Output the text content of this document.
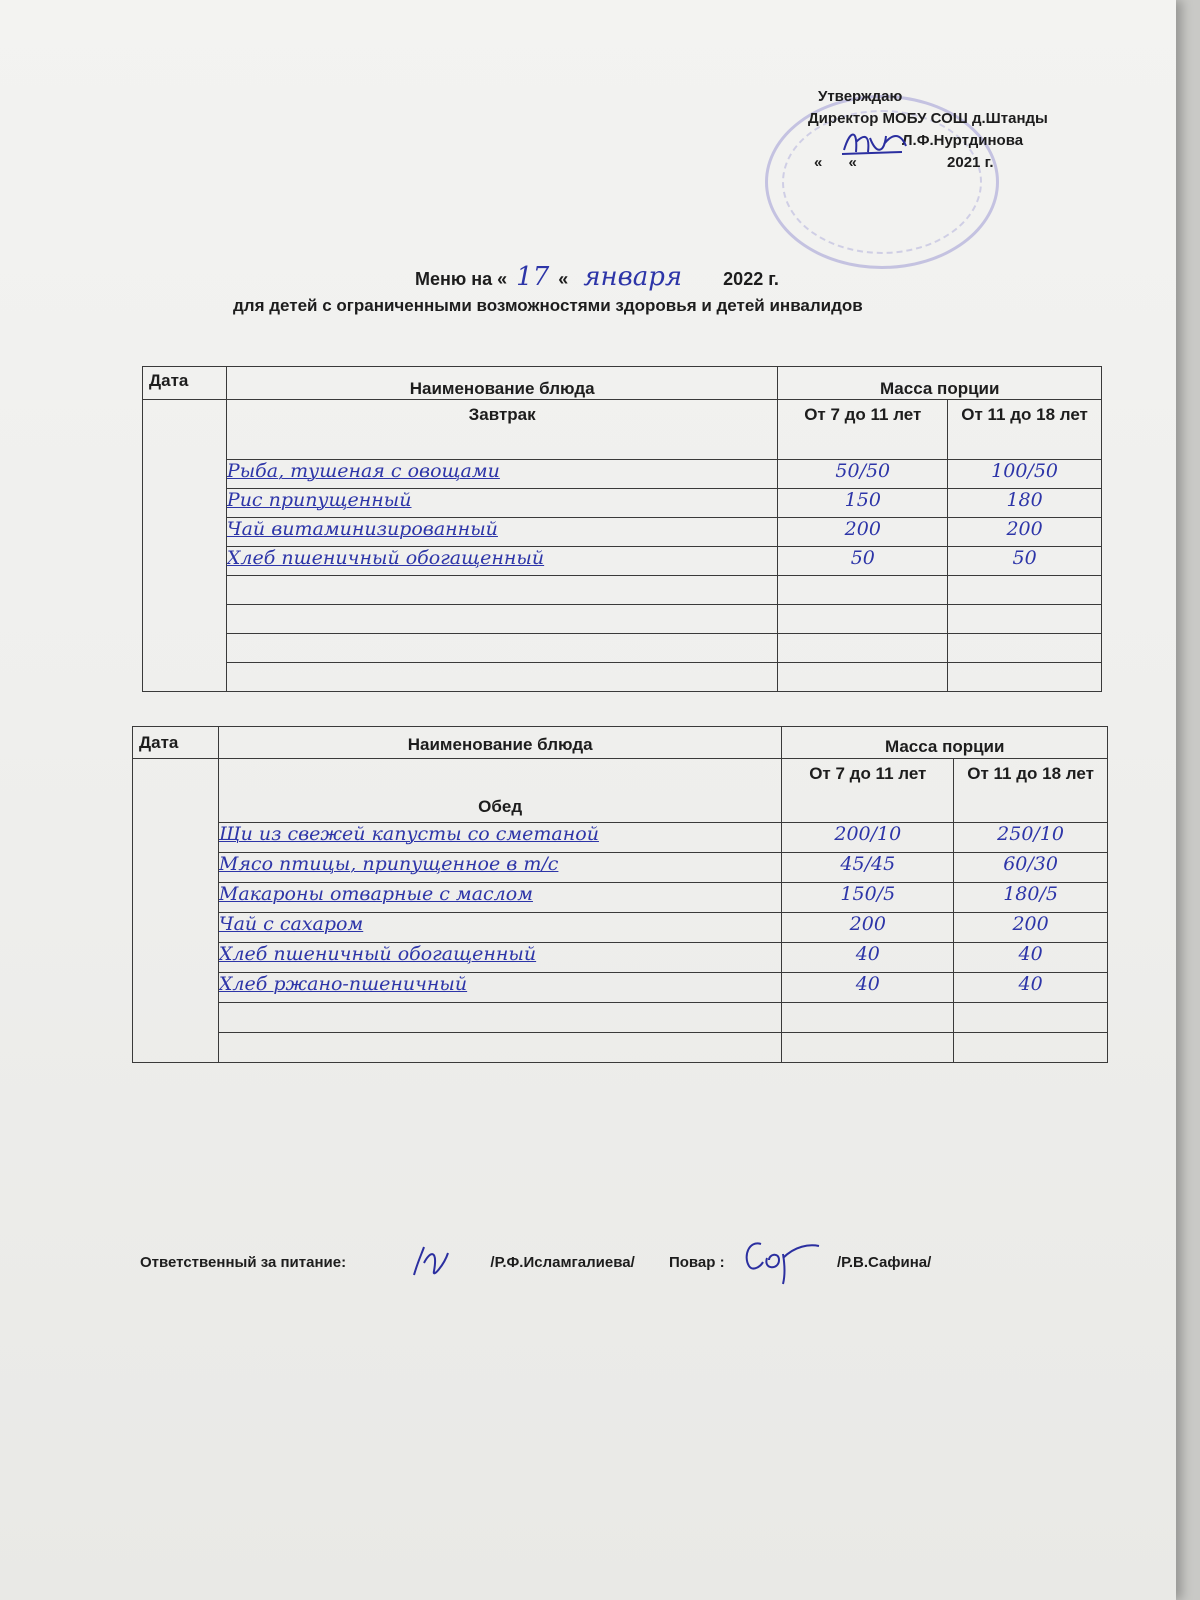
Утверждаю
Директор МОБУ СОШ д.Штанды
Л.Ф.Нуртдинова
« «	2021 г.
Меню на « 17 « января 2022 г.
для детей с ограниченными возможностями здоровья и детей инвалидов
Дата	Наименование блюда	Масса порции	
	Завтрак	От 7 до 11 лет	От 11 до 18 лет
	Рыба, тушеная с овощами	50/50	100/50
	Рис припущенный	150	180
	Чай витаминизированный	200	200
	Хлеб пшеничный обогащенный	50	50

Дата	Наименование блюда	Масса порции	
	Обед	От 7 до 11 лет	От 11 до 18 лет
	Щи из свежей капусты со сметаной	200/10	250/10
	Мясо птицы, припущенное в т/с	45/45	60/30
	Макароны отварные с маслом	150/5	180/5
	Чай с сахаром	200	200
	Хлеб пшеничный обогащенный	40	40
	Хлеб ржано-пшеничный	40	40

Ответственный за питание:	/Р.Ф.Исламгалиева/ Повар :	/Р.В.Сафина/
